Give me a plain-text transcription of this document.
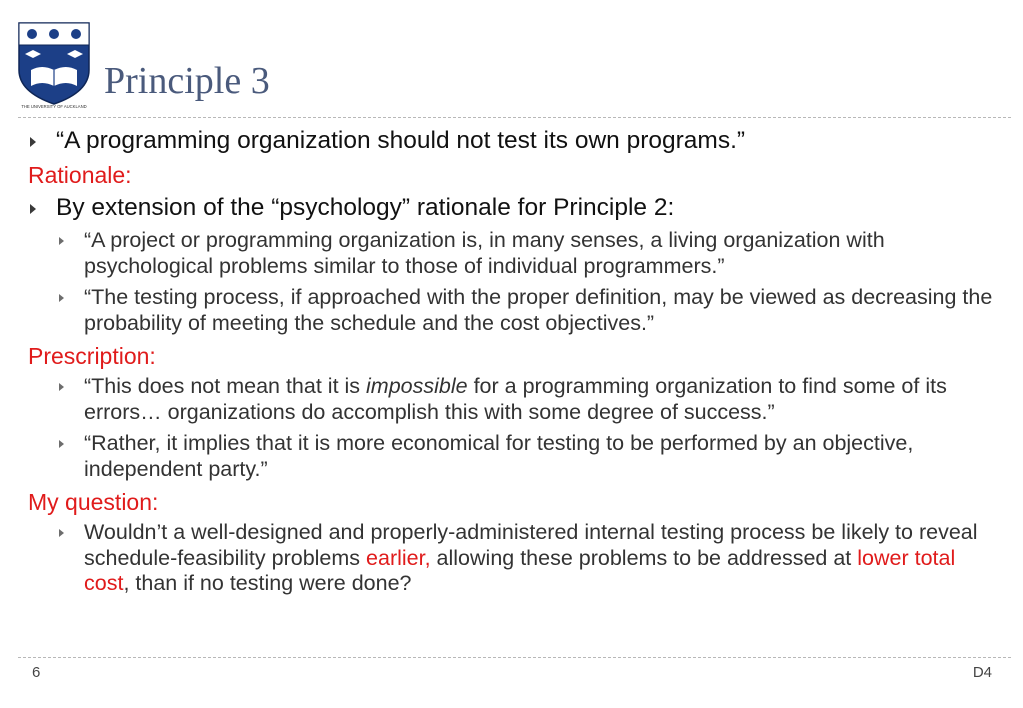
THE UNIVERSITY OF AUCKLAND
Principle 3
“A programming organization should not test its own programs.”
Rationale:
By extension of the “psychology” rationale for Principle 2:
“A project or programming organization is, in many senses, a living organization with psychological problems similar to those of individual programmers.”
“The testing process, if approached with the proper definition, may be viewed as decreasing the probability of meeting the schedule and the cost objectives.”
Prescription:
“This does not mean that it is impossible for a programming organization to find some of its errors… organizations do accomplish this with some degree of success.”
“Rather, it implies that it is more economical for testing to be performed by an objective, independent party.”
My question:
Wouldn’t a well-designed and properly-administered internal testing process be likely to reveal schedule-feasibility problems earlier, allowing these problems to be addressed at lower total cost, than if no testing were done?
6	D4
